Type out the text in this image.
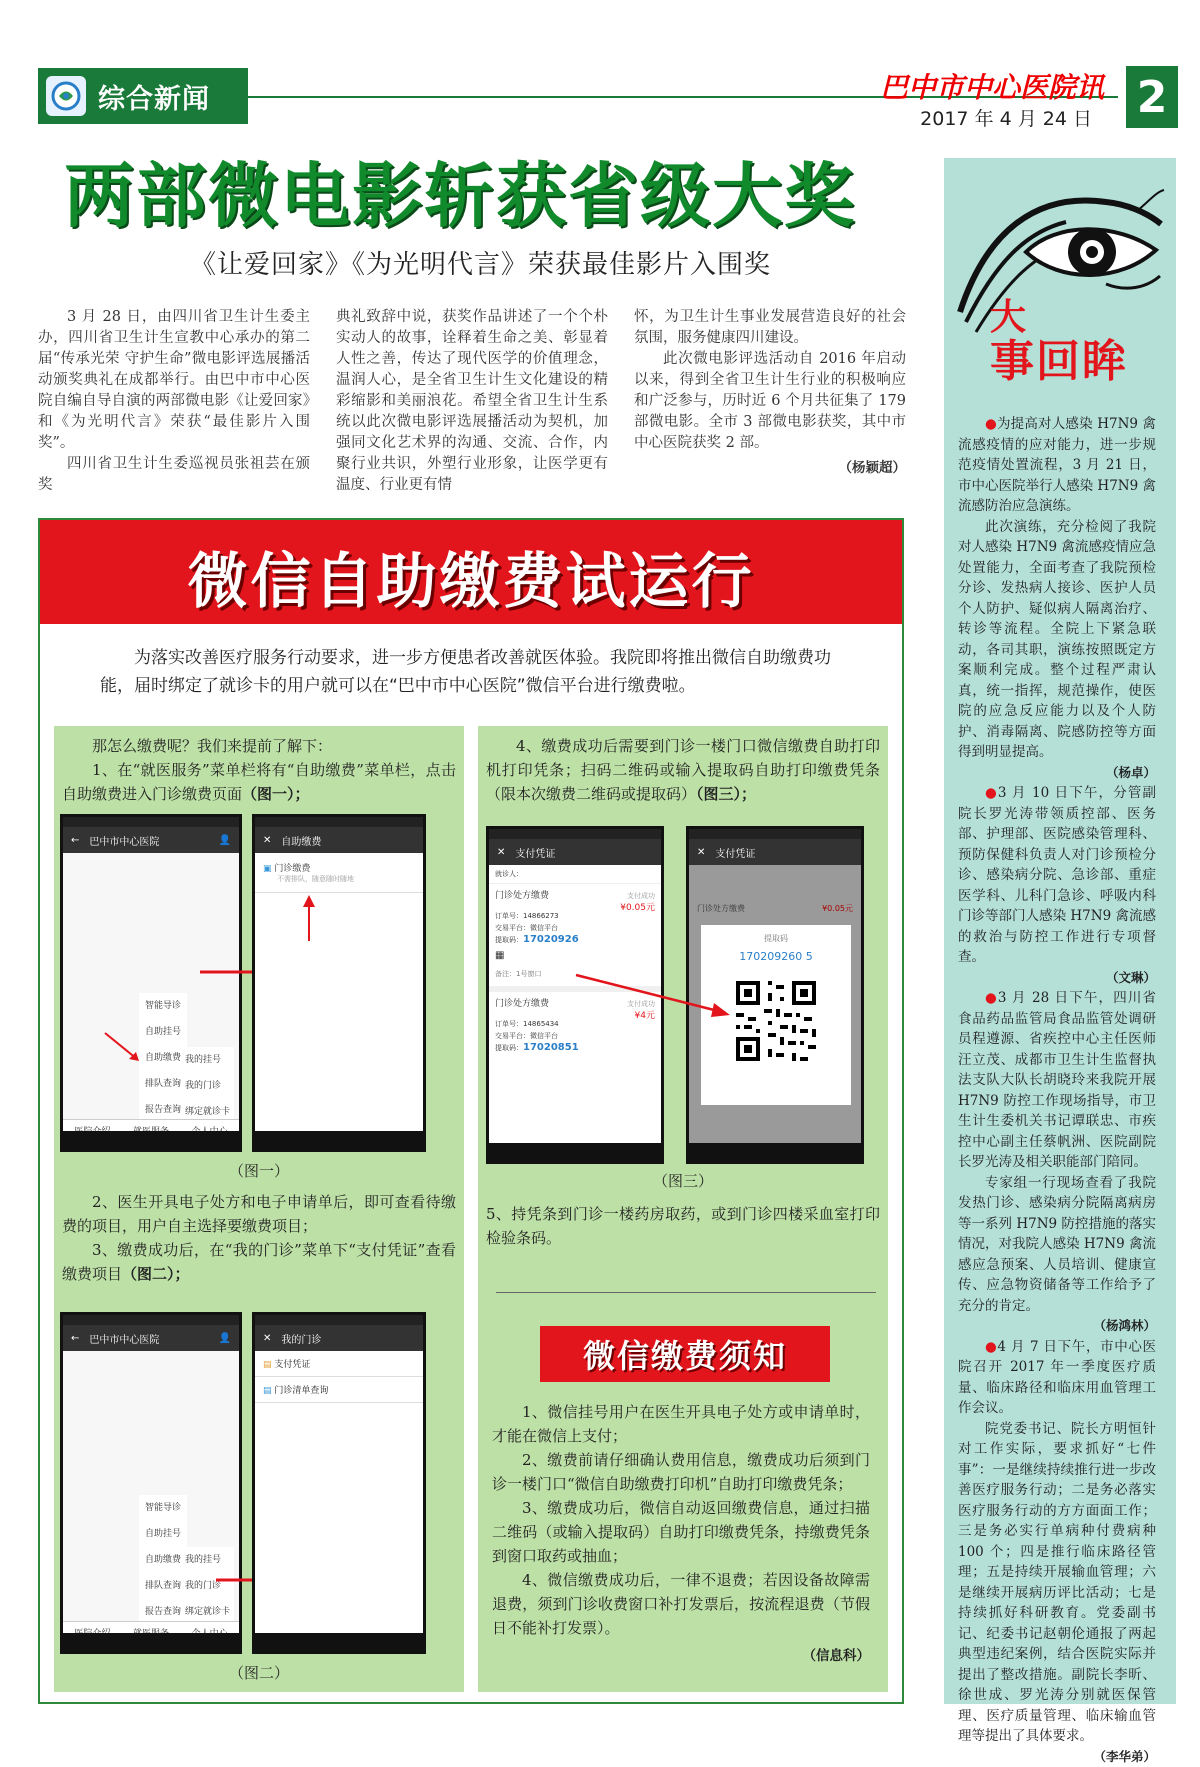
综合新闻	巴中市中心医院讯
2017 年 4 月 24 日 2
两部微电影斩获省级大奖
《让爱回家》《为光明代言》荣获最佳影片入围奖

3 月 28 日，由四川省卫生计生委主办，四川省卫生计生宣教中心承办的第二届“传承光荣 守护生命”微电影评选展播活动颁奖典礼在成都举行。由巴中市中心医院自编自导自演的两部微电影《让爱回家》和《为光明代言》荣获“最佳影片入围奖”。

四川省卫生计生委巡视员张祖芸在颁奖

典礼致辞中说，获奖作品讲述了一个个朴实动人的故事，诠释着生命之美、彰显着人性之善，传达了现代医学的价值理念，温润人心，是全省卫生计生文化建设的精彩缩影和美丽浪花。希望全省卫生计生系统以此次微电影评选展播活动为契机，加强同文化艺术界的沟通、交流、合作，内聚行业共识，外塑行业形象，让医学更有温度、行业更有情

怀，为卫生计生事业发展营造良好的社会氛围，服务健康四川建设。

此次微电影评选活动自 2016 年启动以来，得到全省卫生计生行业的积极响应和广泛参与，历时近 6 个月共征集了 179 部微电影。全市 3 部微电影获奖，其中市中心医院获奖 2 部。

（杨颖超）
微信自助缴费试运行
为落实改善医疗服务行动要求，进一步方便患者改善就医体验。我院即将推出微信自助缴费功能，届时绑定了就诊卡的用户就可以在“巴中市中心医院”微信平台进行缴费啦。

那怎么缴费呢？我们来提前了解下：

1、在“就医服务”菜单栏将有“自助缴费”菜单栏，点击自助缴费进入门诊缴费页面（图一）；

← 巴中市中心医院	👤
智能导诊
自助挂号
自助缴费
排队查询
报告查询
我的挂号
我的门诊
绑定就诊卡
✕ 自助缴费
▣ 门诊缴费
不需排队，随意随时随地
（图一）

2、医生开具电子处方和电子申请单后，即可查看待缴费的项目，用户自主选择要缴费项目；

3、缴费成功后，在“我的门诊”菜单下“支付凭证”查看缴费项目（图二）；

← 巴中市中心医院	👤
智能导诊
自助挂号
自助缴费
排队查询
报告查询
我的挂号
我的门诊
绑定就诊卡
✕ 我的门诊
▤ 支付凭证
▤ 门诊清单查询
（图二）

4、缴费成功后需要到门诊一楼门口微信缴费自助打印机打印凭条；扫码二维码或输入提取码自助打印缴费凭条（限本次缴费二维码或提取码）（图三）；

✕ 支付凭证
就诊人：
门诊处方缴费	支付成功
¥0.05元
订单号：14866273
交易平台：微信平台
提取码：17020926
▦
备注：1号窗口
门诊处方缴费	支付成功
¥4元
订单号：14865434
交易平台：微信平台
提取码：17020851
✕ 支付凭证
门诊处方缴费	¥0.05元
提取码
170209260 5
（图三）
5、持凭条到门诊一楼药房取药，或到门诊四楼采血室打印检验条码。
微信缴费须知

1、微信挂号用户在医生开具电子处方或申请单时，才能在微信上支付；

2、缴费前请仔细确认费用信息，缴费成功后须到门诊一楼门口“微信自助缴费打印机”自助打印缴费凭条；

3、缴费成功后，微信自动返回缴费信息，通过扫描二维码（或输入提取码）自助打印缴费凭条，持缴费凭条到窗口取药或抽血；

4、微信缴费成功后，一律不退费；若因设备故障需退费，须到门诊收费窗口补打发票后，按流程退费（节假日不能补打发票）。

（信息科）
大
事回眸

●为提高对人感染 H7N9 禽流感疫情的应对能力，进一步规范疫情处置流程，3 月 21 日，市中心医院举行人感染 H7N9 禽流感防治应急演练。

此次演练，充分检阅了我院对人感染 H7N9 禽流感疫情应急处置能力，全面考查了我院预检分诊、发热病人接诊、医护人员个人防护、疑似病人隔离治疗、转诊等流程。全院上下紧急联动，各司其职，演练按照既定方案顺利完成。整个过程严肃认真，统一指挥，规范操作，使医院的应急反应能力以及个人防护、消毒隔离、院感防控等方面得到明显提高。

（杨卓）

●3 月 10 日下午，分管副院长罗光涛带领质控部、医务部、护理部、医院感染管理科、预防保健科负责人对门诊预检分诊、感染病分院、急诊部、重症医学科、儿科门急诊、呼吸内科门诊等部门人感染 H7N9 禽流感的救治与防控工作进行专项督查。

（文琳）

●3 月 28 日下午，四川省食品药品监管局食品监管处调研员程遵源、省疾控中心主任医师汪立茂、成都市卫生计生监督执法支队大队长胡晓玲来我院开展 H7N9 防控工作现场指导，市卫生计生委机关书记谭联忠、市疾控中心副主任蔡帆洲、医院副院长罗光涛及相关职能部门陪同。

专家组一行现场查看了我院发热门诊、感染病分院隔离病房等一系列 H7N9 防控措施的落实情况，对我院人感染 H7N9 禽流感应急预案、人员培训、健康宣传、应急物资储备等工作给予了充分的肯定。

（杨鸿林）

●4 月 7 日下午，市中心医院召开 2017 年一季度医疗质量、临床路径和临床用血管理工作会议。

院党委书记、院长方明恒针对工作实际，要求抓好“七件事”：一是继续持续推行进一步改善医疗服务行动；二是务必落实医疗服务行动的方方面面工作；三是务必实行单病种付费病种 100 个；四是推行临床路径管理；五是持续开展输血管理；六是继续开展病历评比活动；七是持续抓好科研教育。党委副书记、纪委书记赵朝伦通报了两起典型违纪案例，结合医院实际并提出了整改措施。副院长李昕、徐世成、罗光涛分别就医保管理、医疗质量管理、临床输血管理等提出了具体要求。

（李华弟）
